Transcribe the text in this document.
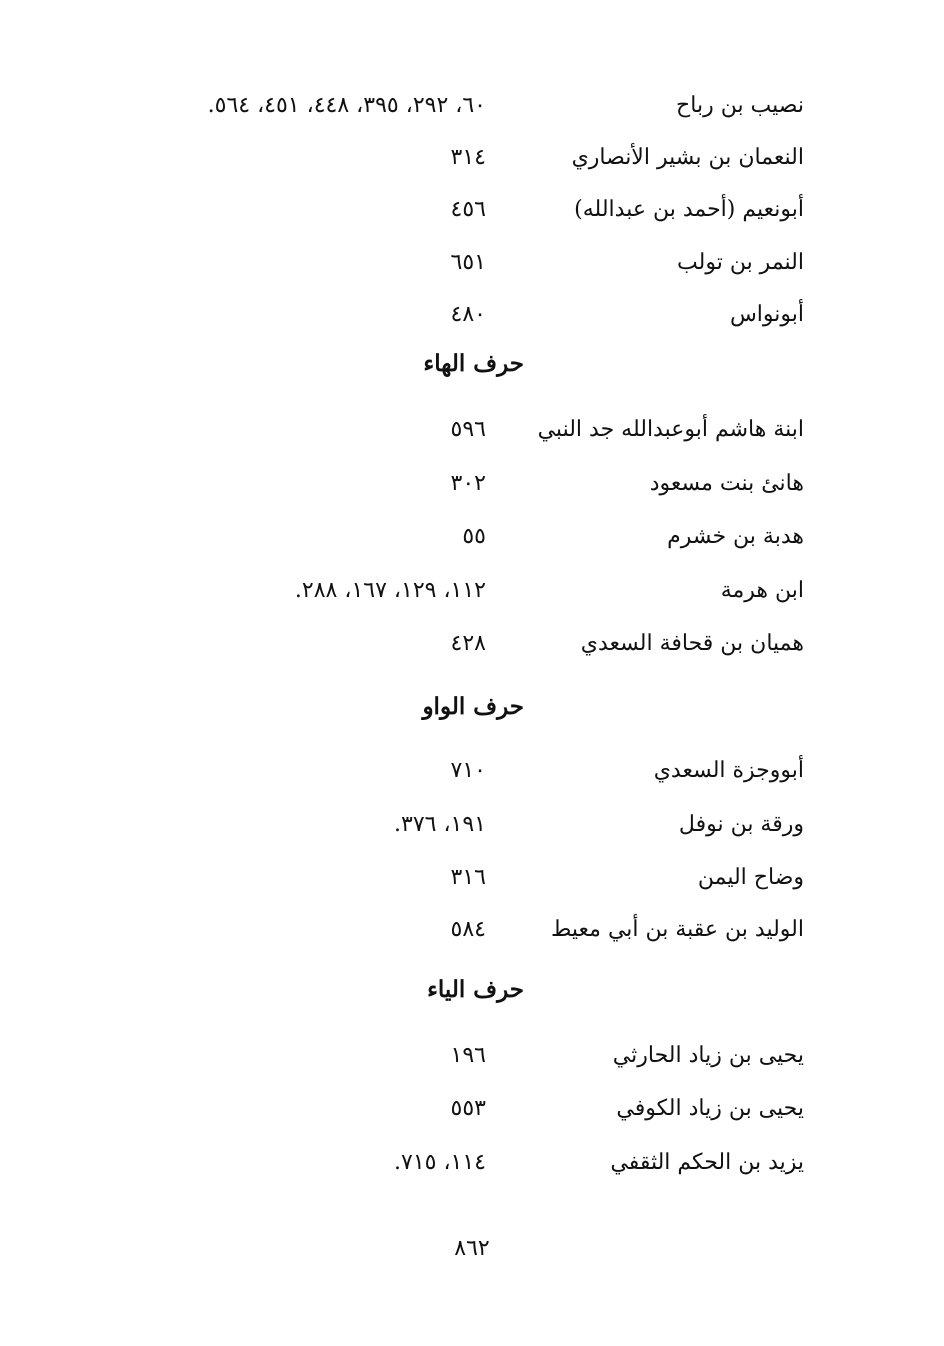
نصيب بن رباح
٦٠، ٢٩٢، ٣٩٥، ٤٤٨، ٤٥١، ٥٦٤.
النعمان بن بشير الأنصاري
٣١٤
أبونعيم (أحمد بن عبدالله)
٤٥٦
النمر بن تولب
٦٥١
أبونواس
٤٨٠
حرف الهاء
ابنة هاشم أبوعبدالله جد النبي
٥٩٦
هانئ بنت مسعود
٣٠٢
هدبة بن خشرم
٥٥
ابن هرمة
١١٢، ١٢٩، ١٦٧، ٢٨٨.
هميان بن قحافة السعدي
٤٢٨
حرف الواو
أبووجزة السعدي
٧١٠
ورقة بن نوفل
١٩١، ٣٧٦.
وضاح اليمن
٣١٦
الوليد بن عقبة بن أبي معيط
٥٨٤
حرف الياء
يحيى بن زياد الحارثي
١٩٦
يحيى بن زياد الكوفي
٥٥٣
يزيد بن الحكم الثقفي
١١٤، ٧١٥.
٨٦٢
